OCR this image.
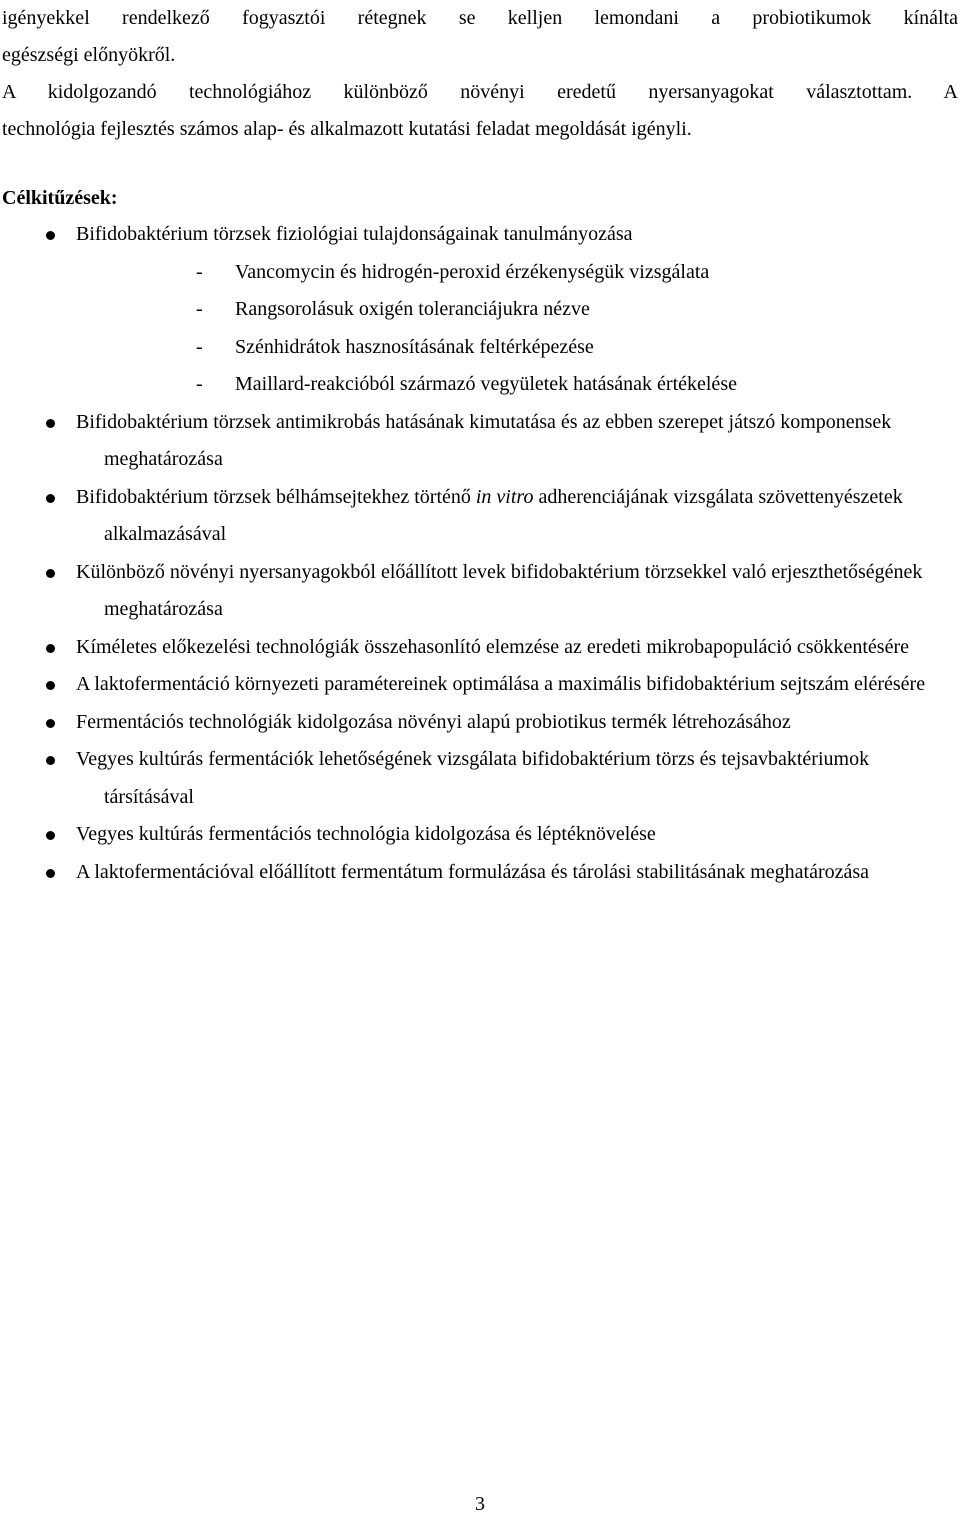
igényekkel rendelkező fogyasztói rétegnek se kelljen lemondani a probiotikumok kínálta

egészségi előnyökről.

A kidolgozandó technológiához különböző növényi eredetű nyersanyagokat választottam. A

technológia fejlesztés számos alap- és alkalmazott kutatási feladat megoldását igényli.

Célkitűzések:
Bifidobaktérium törzsek fiziológiai tulajdonságainak tanulmányozása
- Vancomycin és hidrogén-peroxid érzékenységük vizsgálata
- Rangsorolásuk oxigén toleranciájukra nézve
- Szénhidrátok hasznosításának feltérképezése
- Maillard-reakcióból származó vegyületek hatásának értékelése
Bifidobaktérium törzsek antimikrobás hatásának kimutatása és az ebben szerepet játszó komponensek meghatározása
Bifidobaktérium törzsek bélhámsejtekhez történő in vitro adherenciájának vizsgálata szövettenyészetek alkalmazásával
Különböző növényi nyersanyagokból előállított levek bifidobaktérium törzsekkel való erjeszthetőségének meghatározása
Kíméletes előkezelési technológiák összehasonlító elemzése az eredeti mikrobapopuláció csökkentésére
A laktofermentáció környezeti paramétereinek optimálása a maximális bifidobaktérium sejtszám elérésére
Fermentációs technológiák kidolgozása növényi alapú probiotikus termék létrehozásához
Vegyes kultúrás fermentációk lehetőségének vizsgálata bifidobaktérium törzs és tejsavbaktériumok társításával
Vegyes kultúrás fermentációs technológia kidolgozása és léptéknövelése
A laktofermentációval előállított fermentátum formulázása és tárolási stabilitásának meghatározása

3
